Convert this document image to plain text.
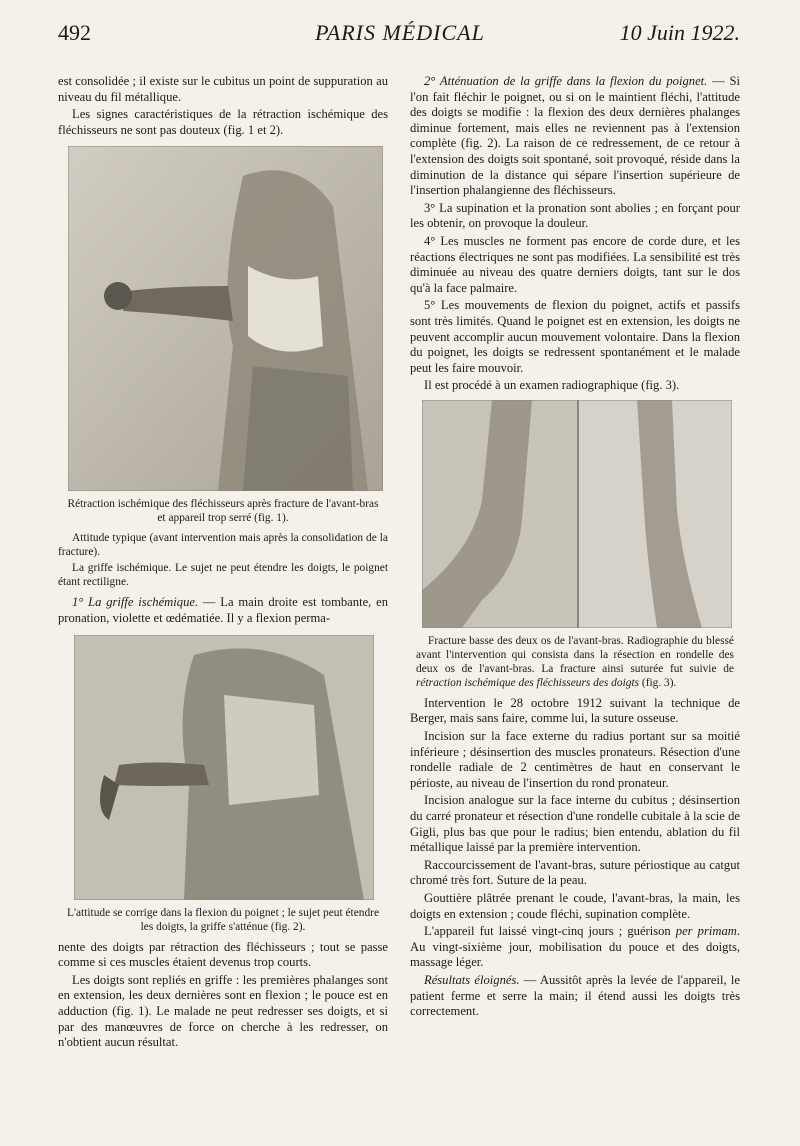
492	PARIS MÉDICAL	10 Juin 1922.

est consolidée ; il existe sur le cubitus un point de suppuration au niveau du fil métallique.

Les signes caractéristiques de la rétraction ischémique des fléchisseurs ne sont pas douteux (fig. 1 et 2).

Rétraction ischémique des fléchisseurs après fracture de l'avant-bras et appareil trop serré (fig. 1).

Attitude typique (avant intervention mais après la consolidation de la fracture).

La griffe ischémique. Le sujet ne peut étendre les doigts, le poignet étant rectiligne.

1° La griffe ischémique. — La main droite est tombante, en pronation, violette et œdématiée. Il y a flexion perma-

L'attitude se corrige dans la flexion du poignet ; le sujet peut étendre les doigts, la griffe s'atténue (fig. 2).

nente des doigts par rétraction des fléchisseurs ; tout se passe comme si ces muscles étaient devenus trop courts.

Les doigts sont repliés en griffe : les premières phalanges sont en extension, les deux dernières sont en flexion ; le pouce est en adduction (fig. 1). Le malade ne peut redresser ses doigts, et si par des manœuvres de force on cherche à les redresser, on n'obtient aucun résultat.

2° Atténuation de la griffe dans la flexion du poignet. — Si l'on fait fléchir le poignet, ou si on le maintient fléchi, l'attitude des doigts se modifie : la flexion des deux dernières phalanges diminue fortement, mais elles ne reviennent pas à l'extension complète (fig. 2). La raison de ce redressement, de ce retour à l'extension des doigts soit spontané, soit provoqué, réside dans la diminution de la distance qui sépare l'insertion supérieure de l'insertion phalangienne des fléchisseurs.

3° La supination et la pronation sont abolies ; en forçant pour les obtenir, on provoque la douleur.

4° Les muscles ne forment pas encore de corde dure, et les réactions électriques ne sont pas modifiées. La sensibilité est très diminuée au niveau des quatre derniers doigts, tant sur le dos qu'à la face palmaire.

5° Les mouvements de flexion du poignet, actifs et passifs sont très limités. Quand le poignet est en extension, les doigts ne peuvent accomplir aucun mouvement volontaire. Dans la flexion du poignet, les doigts se redressent spontanément et le malade peut les faire mouvoir.

Il est procédé à un examen radiographique (fig. 3).

Fracture basse des deux os de l'avant-bras. Radiographie du blessé avant l'intervention qui consista dans la résection en rondelle des deux os de l'avant-bras. La fracture ainsi suturée fut suivie de rétraction ischémique des fléchisseurs des doigts (fig. 3).

Intervention le 28 octobre 1912 suivant la technique de Berger, mais sans faire, comme lui, la suture osseuse.

Incision sur la face externe du radius portant sur sa moitié inférieure ; désinsertion des muscles pronateurs. Résection d'une rondelle radiale de 2 centimètres de haut en conservant le périoste, au niveau de l'insertion du rond pronateur.

Incision analogue sur la face interne du cubitus ; désinsertion du carré pronateur et résection d'une rondelle cubitale à la scie de Gigli, plus bas que pour le radius; bien entendu, ablation du fil métallique laissé par la première intervention.

Raccourcissement de l'avant-bras, suture périostique au catgut chromé très fort. Suture de la peau.

Gouttière plâtrée prenant le coude, l'avant-bras, la main, les doigts en extension ; coude fléchi, supination complète.

L'appareil fut laissé vingt-cinq jours ; guérison per primam. Au vingt-sixième jour, mobilisation du pouce et des doigts, massage léger.

Résultats éloignés. — Aussitôt après la levée de l'appareil, le patient ferme et serre la main; il étend aussi les doigts très correctement.
